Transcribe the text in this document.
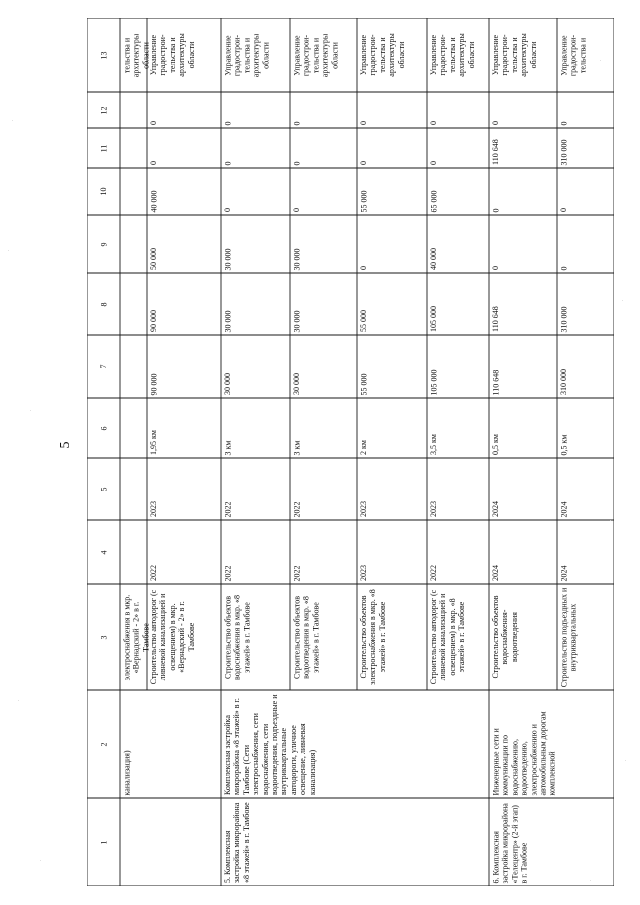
5
1
2
3
4
5
6
7
8
9
10
11
12
13
канализация)
электроснабжения в мкр. «Вернадский - 2» в г. Тамбове
тельства и архитектуры области
Строительство автодорог (с ливневой канализацией и освещением) в мкр. «Вернадский - 2» в г. Тамбове
2022
2023
1,95 км
90 000
90 000
50 000
40 000
0
0
Управление градострои-тельства и архитектуры области
5. Комплексная застройка микрорайона «8 этажей» в г. Тамбове
Комплексная застройка микрорайона «8 этажей» в г. Тамбове (Сети электроснабжения, сети водоснабжения, сети водоотведения, подъездные и внутриквартальные автодороги, уличное освещение, ливневая канализация)
Строительство объектов водоснабжения в мкр. «8 этажей» в г. Тамбове
2022
2022
3 км
30 000
30 000
30 000
0
0
0
Управление градострои-тельства и архитектуры области
Строительство объектов водоотведения в мкр. «8 этажей» в г. Тамбове
2022
2022
3 км
30 000
30 000
30 000
0
0
0
Управление градострои-тельства и архитектуры области
Строительство объектов электроснабжения в мкр. «8 этажей» в г. Тамбове
2023
2023
2 км
55 000
55 000
0
55 000
0
0
Управление градострои-тельства и архитектуры области
Строительство автодорог (с ливневой канализацией и освещением) в мкр. «8 этажей» в г. Тамбове
2022
2023
3,5 км
105 000
105 000
40 000
65 000
0
0
Управление градострои-тельства и архитектуры области
6. Комплексная застройка микрорайона «Телецентр» (2-й этап) в г. Тамбове
Инженерные сети и коммуникации по водоснабжению, водоотведению, электроснабжению и автомобильным дорогам комплексной
Строительство объектов водоснабжения-водоотведения
2024
2024
0,5 км
110 648
110 648
0
0
110 648
0
Управление градострои-тельства и архитектуры области
Строительство подъездных и внутриквартальных
2024
2024
0,5 км
310 000
310 000
0
0
310 000
0
Управление градострои-тельства и
